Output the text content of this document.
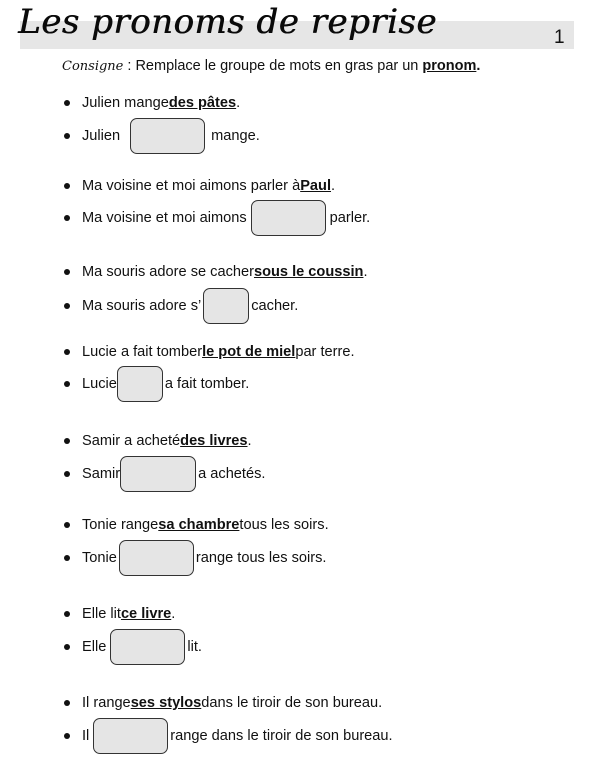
Les pronoms de reprise	1
Consigne : Remplace le groupe de mots en gras par un pronom.
Julien mange des pâtes .
Julien	mange.
Ma voisine et moi aimons parler à Paul .
Ma voisine et moi aimons	parler.
Ma souris adore se cacher sous le coussin .
Ma souris adore s’	cacher.
Lucie a fait tomber le pot de miel par terre.
Lucie	a fait tomber.
Samir a acheté des livres .
Samir	a achetés.
Tonie range sa chambre tous les soirs.
Tonie	range tous les soirs.
Elle lit ce livre .
Elle	lit.
Il range ses stylos dans le tiroir de son bureau.
Il	range dans le tiroir de son bureau.
